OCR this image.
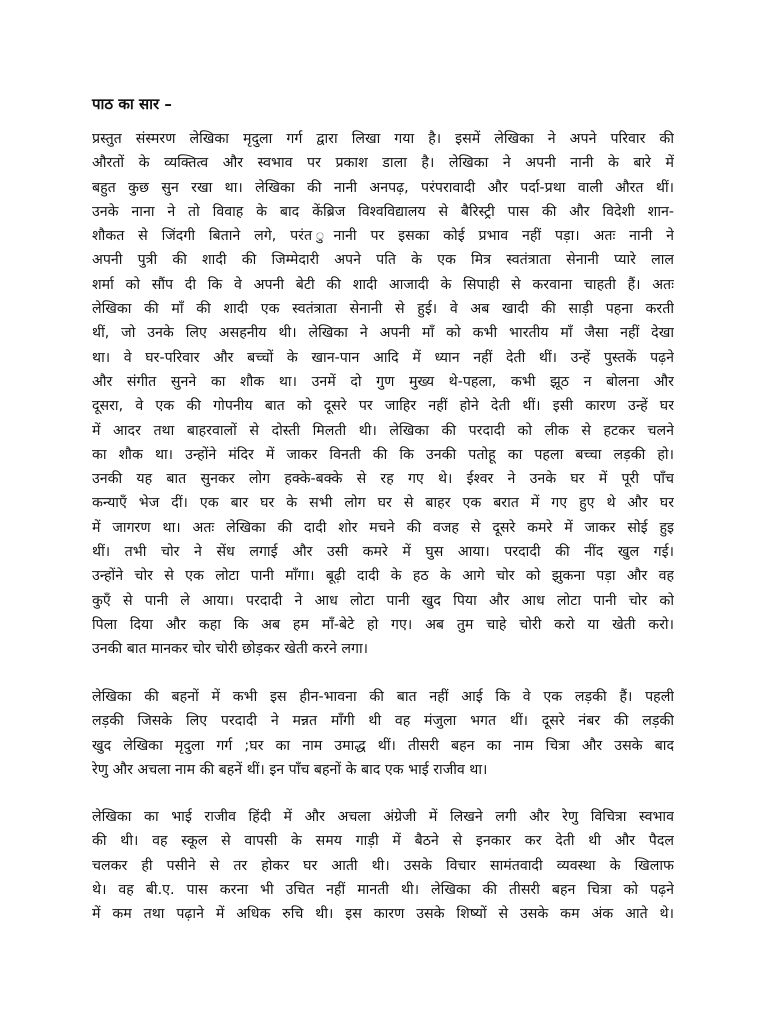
पाठ का सार –

प्रस्तुत संस्मरण लेखिका मृदुला गर्ग द्वारा लिखा गया है। इसमें लेखिका ने अपने परिवार की
औरतों के व्यक्तित्व और स्वभाव पर प्रकाश डाला है। लेखिका ने अपनी नानी के बारे में
बहुत कुछ सुन रखा था। लेखिका की नानी अनपढ़, परंपरावादी और पर्दा-प्रथा वाली औरत थीं।
उनके नाना ने तो विवाह के बाद केंब्रिज विश्वविद्यालय से बैरिस्ट्री पास की और विदेशी शान-
शौकत से जिंदगी बिताने लगे, परंत ुनानी पर इसका कोई प्रभाव नहीं पड़ा। अतः नानी ने
अपनी पुत्री की शादी की जिम्मेदारी अपने पति के एक मित्र स्वतंत्राता सेनानी प्यारे लाल
शर्मा को सौंप दी कि वे अपनी बेटी की शादी आजादी के सिपाही से करवाना चाहती हैं। अतः
लेखिका की माँ की शादी एक स्वतंत्राता सेनानी से हुई। वे अब खादी की साड़ी पहना करती
थीं, जो उनके लिए असहनीय थी। लेखिका ने अपनी माँ को कभी भारतीय माँ जैसा नहीं देखा
था। वे घर-परिवार और बच्चों के खान-पान आदि में ध्यान नहीं देती थीं। उन्हें पुस्तकें पढ़ने
और संगीत सुनने का शौक था। उनमें दो गुण मुख्य थे-पहला, कभी झूठ न बोलना और
दूसरा, वे एक की गोपनीय बात को दूसरे पर जाहिर नहीं होने देती थीं। इसी कारण उन्हें घर
में आदर तथा बाहरवालों से दोस्ती मिलती थी। लेखिका की परदादी को लीक से हटकर चलने
का शौक था। उन्होंने मंदिर में जाकर विनती की कि उनकी पतोहू का पहला बच्चा लड़की हो।
उनकी यह बात सुनकर लोग हक्के-बक्के से रह गए थे। ईश्वर ने उनके घर में पूरी पाँच
कन्याएँ भेज दीं। एक बार घर के सभी लोग घर से बाहर एक बरात में गए हुए थे और घर
में जागरण था। अतः लेखिका की दादी शोर मचने की वजह से दूसरे कमरे में जाकर सोई हुइ
थीं। तभी चोर ने सेंध लगाई और उसी कमरे में घुस आया। परदादी की नींद खुल गई।
उन्होंने चोर से एक लोटा पानी माँगा। बूढ़ी दादी के हठ के आगे चोर को झुकना पड़ा और वह
कुएँ से पानी ले आया। परदादी ने आध लोटा पानी खुद पिया और आध लोटा पानी चोर को
पिला दिया और कहा कि अब हम माँ-बेटे हो गए। अब तुम चाहे चोरी करो या खेती करो।
उनकी बात मानकर चोर चोरी छोड़कर खेती करने लगा।

लेखिका की बहनों में कभी इस हीन-भावना की बात नहीं आई कि वे एक लड़की हैं। पहली
लड़की जिसके लिए परदादी ने मन्नत माँगी थी वह मंजुला भगत थीं। दूसरे नंबर की लड़की
खुद लेखिका मृदुला गर्ग ;घर का नाम उमाद्ध थीं। तीसरी बहन का नाम चित्रा और उसके बाद
रेणु और अचला नाम की बहनें थीं। इन पाँच बहनों के बाद एक भाई राजीव था।

लेखिका का भाई राजीव हिंदी में और अचला अंग्रेजी में लिखने लगी और रेणु विचित्रा स्वभाव
की थी। वह स्कूल से वापसी के समय गाड़ी में बैठने से इनकार कर देती थी और पैदल
चलकर ही पसीने से तर होकर घर आती थी। उसके विचार सामंतवादी व्यवस्था के खिलाफ
थे। वह बी.ए. पास करना भी उचित नहीं मानती थी। लेखिका की तीसरी बहन चित्रा को पढ़ने
में कम तथा पढ़ाने में अधिक रुचि थी। इस कारण उसके शिष्यों से उसके कम अंक आते थे।
